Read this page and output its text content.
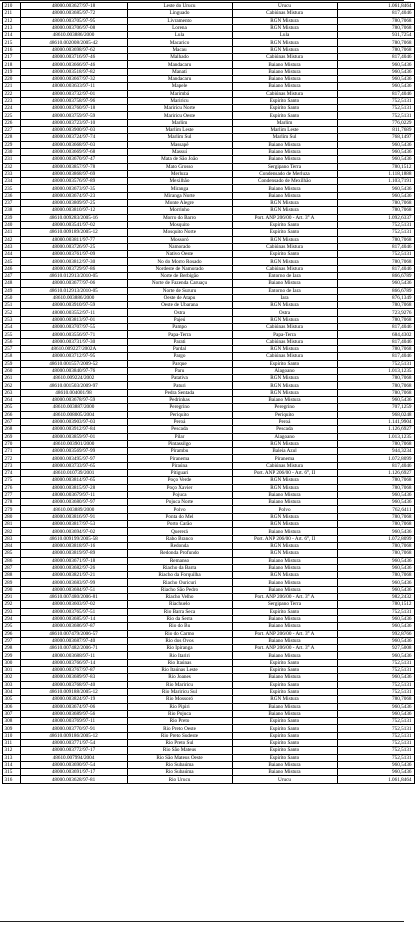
210	48000.003627/97-18	Leste do Urucu	Urucu	1.061,8464
211	48000.003685/97-72	Linguado	Cabiúnas Mistura	817,4046
212	48000.003705/97-95	Livramento	RGN Mistura	780,7068
213	48000.003706/97-08	Lorena	RGN Mistura	780,7068
214	48610.003886/2000	Lula	Lula	931,7254
215	48610.002008/2005-42	Macarico	RGN Mistura	780,7068
216	48000.003698/97-62	Macau	RGN Mistura	780,7068
217	48000.003716/97-46	Malhado	Cabiúnas Mistura	817,4046
218	48000.003666/97-46	Mandacaru	Baiano Mistura	960,5436
219	48000.003518/97-82	Manati	Baiano Mistura	960,5436
220	48000.003667/97-32	Mandacaru	Baiano Mistura	960,5436
221	48000.003633/97-11	Mapele	Baiano Mistura	960,5436
222	48000.003732/97-01	Marimbá	Cabiúnas Mistura	817,4046
223	48000.003758/97-96	Mariricu	Espírito Santo	752,5131
224	48000.003760/97-18	Mariricu Norte	Espírito Santo	752,5131
225	48000.003759/97-59	Mariricu Oeste	Espírito Santo	752,5131
226	48000.003723/97-10	Marlim	Marlim	776,0229
227	48000.003900/97-03	Marlim Leste	Marlim Leste	811,7689
228	48000.003724/97-74	Marlim Sul	Marlim Sul	768,1497
229	48000.003668/97-03	Massapê	Baiano Mistura	960,5436
230	48000.003669/97-68	Massuí	Baiano Mistura	960,5436
231	48000.003670/97-47	Mata de São João	Baiano Mistura	960,5436
232	48000.003857/97-78	Mato Grosso	Sergipano Terra	780,1512
233	48000.003868/97-69	Merluza	Condensado de Merluza	1.118,1888
234	48000.003576/97-89	Mexilhão	Condensado de Mexilhão	1.103,7191
235	48000.003673/97-35	Miranga	Baiano Mistura	960,5436
236	48000.003674/97-23	Miranga Norte	Baiano Mistura	960,5436
237	48000.003809/97-25	Monte Alegre	RGN Mistura	780,7068
238	48000.003810/97-12	Morrinho	RGN Mistura	780,7068
239	48610.009283/2005-16	Morro do Barro	Port. ANP 206/00 - Art. 3° A	1.092,6337
240	48000.003541/97-02	Mosquito	Espírito Santo	752,5131
241	48610.009189/2005-12	Mosquito Norte	Espírito Santo	752,5131
242	48000.003811/97-77	Mossoró	RGN Mistura	780,7068
243	48000.003726/97-25	Namorado	Cabiúnas Mistura	817,4046
244	48000.003761/97-09	Nativo Oeste	Espírito Santo	752,5131
245	48000.003812/97-30	No do Morro Rosado	RGN Mistura	780,7068
246	48000.003729/97-86	Nordeste de Namorado	Cabiúnas Mistura	817,4046
247	48610.012913/2010-05	Norte de Berbigão	Entorno de Iara	866,6789
248	48000.003677/97-06	Norte de Fazenda Caruaçu	Baiano Mistura	960,5436
249	48610.012913/2010-05	Norte de Sururu	Entorno de Iara	866,6789
250	48610.003886/2000	Oeste de Atapu	Iara	876,1349
251	48000.003910/97-59	Oeste de Ubarana	RGN Mistura	780,7068
252	48000.003552/97-11	Ostra	Ostra	723,9276
253	48000.003813/97-01	Pajeú	RGN Mistura	780,7068
254	48000.003707/97-55	Pampo	Cabiúnas Mistura	817,4046
255	48000.003556/97-71	Papa-Terra	Papa-Terra	684,4302
256	48000.003731/97-30	Parati	Cabiúnas Mistura	817,4046
257	48610.009227/2002A	Pardal	RGN Mistura	780,7068
258	48000.003712/97-95	Pargo	Cabiúnas Mistura	817,4046
259	48610.001557/2009-52	Parque	Espírito Santo	752,5131
260	48000.003840/97-76	Paru	Alagoano	1.013,1235
261	48610.009224/2002	Patativa	RGN Mistura	780,7068
262	48610.001503/2009-97	Paturi	RGN Mistura	780,7068
263	48610.004001/98	Pedra Sentada	RGN Mistura	780,7068
264	48000.003678/97-59	Pedrinhas	Baiano Mistura	960,5436
265	48610.003887/2000	Peregrino	Peregrino	707,1259
266	48610.008005/2004	Periquito	Periquito	968,0248
267	48000.003903/97-03	Peroá	Peroá	1.141,9904
268	48000.003912/97-84	Pescada	Pescada	1.126,6927
269	48000.003859/97-01	Pilar	Alagoano	1.013,1235
270	48610.003901/2000	Pintassilgo	RGN Mistura	780,7068
271	48000.003569/97-99	Pirambu	Baleia Azul	944,3234
272	48000.003495/97-97	Piranema	Piranema	1.072,8099
273	48000.003733/97-65	Piraúna	Cabiúnas Mistura	817,4046
274	48610.010739/2001	Pitiguari	Port. ANP 206/00 - Art. 6°, II	1.126,6927
275	48000.003814/97-65	Poço Verde	RGN Mistura	780,7068
276	48000.003815/97-28	Poço Xavier	RGN Mistura	780,7068
277	48000.003679/97-11	Pojuca	Baiano Mistura	960,5436
278	48000.003680/97-97	Pojuca Norte	Baiano Mistura	960,5436
279	48610.003889/2000	Polvo	Polvo	762,6411
280	48000.003816/97-91	Ponta do Mel	RGN Mistura	780,7068
281	48000.003817/97-53	Porto Carão	RGN Mistura	780,7068
282	48000.003694/97-02	Quererá	Baiano Mistura	960,5436
283	48610.009199/2005-58	Rabo Branco	Port. ANP 206/00 - Art. 6°, II	1.072,8099
284	48000.003818/97-16	Redonda	RGN Mistura	780,7068
285	48000.003819/97-89	Redonda Profundo	RGN Mistura	780,7068
286	48000.003671/97-18	Remanso	Baiano Mistura	960,5436
287	48000.003682/97-26	Riacho da Barra	Baiano Mistura	960,5436
288	48000.003821/97-21	Riacho da Forquilha	RGN Mistura	780,7068
289	48000.003683/97-99	Riacho Ouricuri	Baiano Mistura	960,5436
290	48000.003684/97-51	Riacho São Pedro	Baiano Mistura	960,5436
291	48610.007480/2006-81	Riacho Velho	Port. ANP 206/00 - Art. 3° A	982,2432
292	48000.003603/97-02	Riachuelo	Sergipano Terra	780,1512
293	48000.003765/97-51	Rio Barra Seca	Espírito Santo	752,5131
294	48000.003685/97-14	Rio da Serra	Baiano Mistura	960,5436
295	48000.003686/97-87	Rio do Bu	Baiano Mistura	960,5436
296	48610.007479/2006-57	Rio do Carmo	Port. ANP 206/00 - Art. 3° A	992,8766
297	48000.003687/97-40	Rio dos Ovos	Baiano Mistura	960,5436
298	48610.007482/2006-71	Rio Ipiranga	Port. ANP 206/00 - Art. 3° A	927,5008
299	48000.003688/97-11	Rio Itariri	Baiano Mistura	960,5436
300	48000.003766/97-14	Rio Itaúnas	Espírito Santo	752,5131
301	48000.003767/97-87	Rio Itaúnas Leste	Espírito Santo	752,5131
302	48000.003689/97-83	Rio Joanes	Baiano Mistura	960,5436
303	48000.003768/97-40	Rio Mariricu	Espírito Santo	752,5131
304	48610.009188/2005-12	Rio Mariricu Sul	Espírito Santo	752,5131
305	48000.003824/97-19	Rio Mossoró	RGN Mistura	780,7068
306	48000.003674/97-06	Rio Pipiri	Baiano Mistura	960,5436
307	48000.003689/97-56	Rio Pojuca	Baiano Mistura	960,5436
308	48000.003769/97-11	Rio Preto	Espírito Santo	752,5131
309	48000.003770/97-91	Rio Preto Oeste	Espírito Santo	752,5131
310	48610.009186/2005-12	Rio Preto Sudeste	Espírito Santo	752,5131
311	48000.003771/97-54	Rio Preto Sul	Espírito Santo	752,5131
312	48000.003772/97-17	Rio São Mateus	Espírito Santo	752,5131
313	48610.007994/2004	Rio São Mateus Oeste	Espírito Santo	752,5131
314	48000.003690/97-54	Rio Subaúma	Baiano Mistura	960,5436
315	48000.003691/97-17	Rio Subaúma	Baiano Mistura	960,5436
316	48000.003628/97-81	Rio Urucu	Urucu	1.061,8464
